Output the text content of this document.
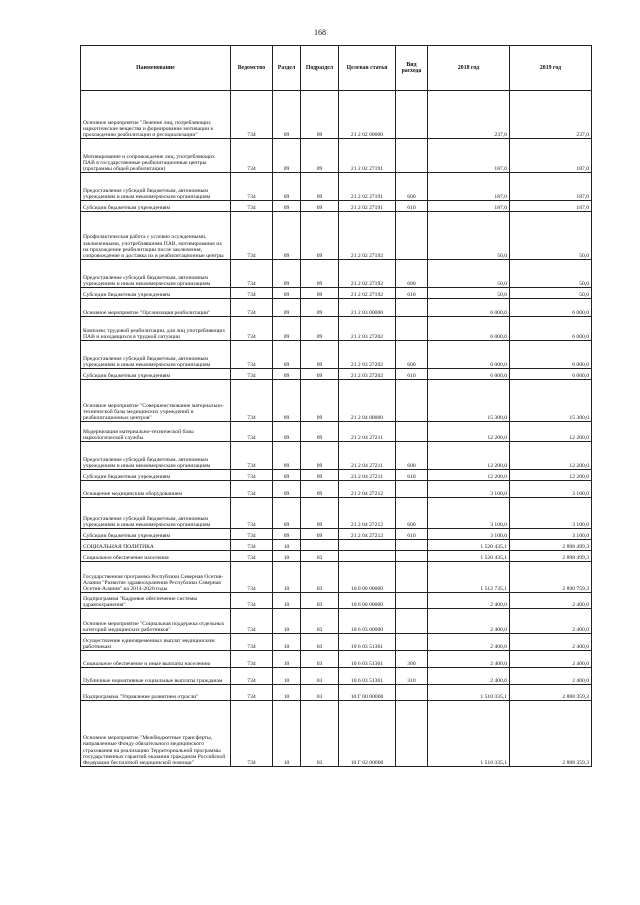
168
Наименование	Ведомство	Раздел	Подраздел	Целевая статья	Вид расхода	2018 год	2019 год
Основное мероприятие "Лечение лиц, потребляющих наркотические вещества и формирование мотивации к прохождению реабилитации и ресоциализации"	734	09	09	21 2 02 00000		237,0	237,0
Мотивирование и сопровождение лиц, употребляющих ПАВ в государственные реабилитационные центры (программы общей реабилитации)	734	09	09	21 2 02 27191		187,0	187,0
Предоставление субсидий бюджетным, автономным учреждениям и иным некоммерческим организациям	734	09	09	21 2 02 27191	600	187,0	187,0
Субсидии бюджетным учреждениям	734	09	09	21 2 02 27191	610	187,0	187,0
Профилактическая работа с условно осужденными, заключенными, употреблявшими ПАВ, мотивирование их на прохождение реабилитации после заключения, сопровождение и доставка их в реабилитационные центры	734	09	09	21 2 02 27192		50,0	50,0
Предоставление субсидий бюджетным, автономным учреждениям и иным некоммерческим организациям	734	09	09	21 2 02 27192	600	50,0	50,0
Субсидии бюджетным учреждениям	734	09	09	21 2 02 27192	610	50,0	50,0
Основное мероприятие "Организация реабилитации"	734	09	09	21 2 03 00000		6 000,0	6 000,0
Комплекс трудовой реабилитации, для лиц употребляющих ПАВ и находящихся в трудной ситуации	734	09	09	21 2 03 27202		6 000,0	6 000,0
Предоставление субсидий бюджетным, автономным учреждениям и иным некоммерческим организациям	734	09	09	21 2 03 27202	600	6 000,0	6 000,0
Субсидии бюджетным учреждениям	734	09	09	21 2 03 27202	610	6 000,0	6 000,0
Основное мероприятие "Совершенствование материально-технической базы медицинских учреждений и реабилитационных центров"	734	09	09	21 2 04 00000		15 300,0	15 300,0
Модернизация материально-технической базы наркологической службы	734	09	09	21 2 04 27211		12 200,0	12 200,0
Предоставление субсидий бюджетным, автономным учреждениям и иным некоммерческим организациям	734	09	09	21 2 04 27211	600	12 200,0	12 200,0
Субсидии бюджетным учреждениям	734	09	09	21 2 04 27211	610	12 200,0	12 200,0
Оснащение медицинским оборудованием	734	09	09	21 2 04 27212		3 100,0	3 100,0
Предоставление субсидий бюджетным, автономным учреждениям и иным некоммерческим организациям	734	09	09	21 2 04 27212	600	3 100,0	3 100,0
Субсидии бюджетным учреждениям	734	09	09	21 2 04 27212	610	3 100,0	3 100,0
СОЦИАЛЬНАЯ ПОЛИТИКА	734	10				1 520 435,1	2 898 499,3
Социальное обеспечение населения	734	10	03			1 520 435,1	2 898 499,3
Государственная программа Республики Северная Осетия-Алания "Развитие здравоохранения Республики Северная Осетия-Алания" на 2014-2020 годы	734	10	03	10 0 00 00000		1 512 735,1	2 890 759,3
Подпрограмма "Кадровое обеспечение системы здравоохранения"	734	10	03	10 6 00 00000		2 400,0	2 400,0
Основное мероприятие "Социальная поддержка отдельных категорий медицинских работников"	734	10	03	10 6 03 00000		2 400,0	2 400,0
Осуществление единовременных выплат медицинским работникам	734	10	03	10 6 03 51361		2 400,0	2 400,0
Социальное обеспечение и иные выплаты населению	734	10	03	10 6 03 51361	300	2 400,0	2 400,0
Публичные нормативные социальные выплаты гражданам	734	10	03	10 6 03 51361	310	2 400,0	2 400,0
Подпрограмма "Управление развитием отрасли"	734	10	03	10 Г 00 00000		1 510 335,1	2 888 359,3
Основное мероприятие "Межбюджетные трансферты, направленные Фонду обязательного медицинского страхования на реализацию Территориальной программы государственных гарантий оказания гражданам Российской Федерации бесплатной медицинской помощи"	734	10	03	10 Г 02 00000		1 510 335,1	2 888 359,3
